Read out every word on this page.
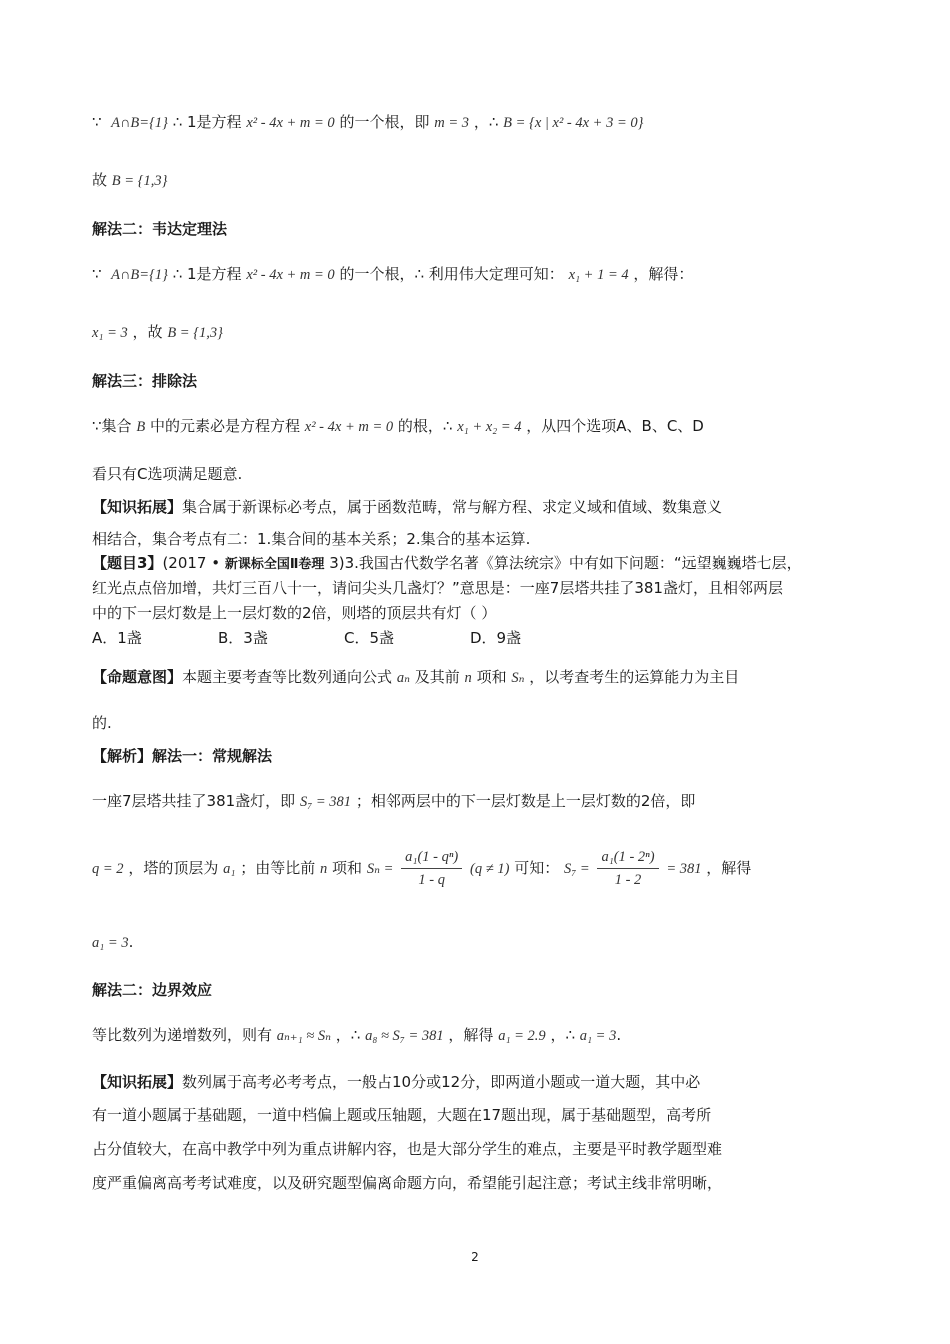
∵ A∩B={1} ∴ 1是方程 x² - 4x + m = 0 的一个根，即 m = 3 ，∴ B = {x | x² - 4x + 3 = 0}
故 B = {1,3}
解法二：韦达定理法
∵ A∩B={1} ∴ 1是方程 x² - 4x + m = 0 的一个根，∴ 利用伟大定理可知： x₁ + 1 = 4 ，解得：
x₁ = 3 ，故 B = {1,3}
解法三：排除法
∵集合 B 中的元素必是方程方程 x² - 4x + m = 0 的根，∴ x₁ + x₂ = 4 ，从四个选项A、B、C、D
看只有C选项满足题意.
【知识拓展】集合属于新课标必考点，属于函数范畴，常与解方程、求定义域和值域、数集意义
相结合，集合考点有二：1.集合间的基本关系；2.集合的基本运算.
【题目3】(2017 • 新课标全国Ⅱ卷理 3)3.我国古代数学名著《算法统宗》中有如下问题：“远望巍巍塔七层，
红光点点倍加增，共灯三百八十一，请问尖头几盏灯？”意思是：一座7层塔共挂了381盏灯，且相邻两层
中的下一层灯数是上一层灯数的2倍，则塔的顶层共有灯（ ）
A．1盏	B．3盏	C．5盏	D．9盏
【命题意图】本题主要考查等比数列通向公式 aₙ 及其前 n 项和 Sₙ ，以考查考生的运算能力为主目
的.
【解析】解法一：常规解法
一座7层塔共挂了381盏灯，即 S₇ = 381 ；相邻两层中的下一层灯数是上一层灯数的2倍，即
q = 2 ，塔的顶层为 a₁ ；由等比前 n 项和 $S_n = \frac{\text{a₁(1 - qⁿ)}}{1 - q} (q \ne 1)$ 可知： $S_7 = \frac{\text{a₁(1 - 2ⁿ)}}{1 - 2} = 381$ ，解得
a₁ = 3.
解法二：边界效应
等比数列为递增数列，则有 aₙ₊₁ ≈ Sₙ ，∴ a₈ ≈ S₇ = 381 ，解得 a₁ = 2.9 ，∴ a₁ = 3.
【知识拓展】数列属于高考必考考点，一般占10分或12分，即两道小题或一道大题，其中必
有一道小题属于基础题，一道中档偏上题或压轴题，大题在17题出现，属于基础题型，高考所
占分值较大，在高中教学中列为重点讲解内容，也是大部分学生的难点，主要是平时教学题型难
度严重偏离高考考试难度，以及研究题型偏离命题方向，希望能引起注意；考试主线非常明晰，
2
